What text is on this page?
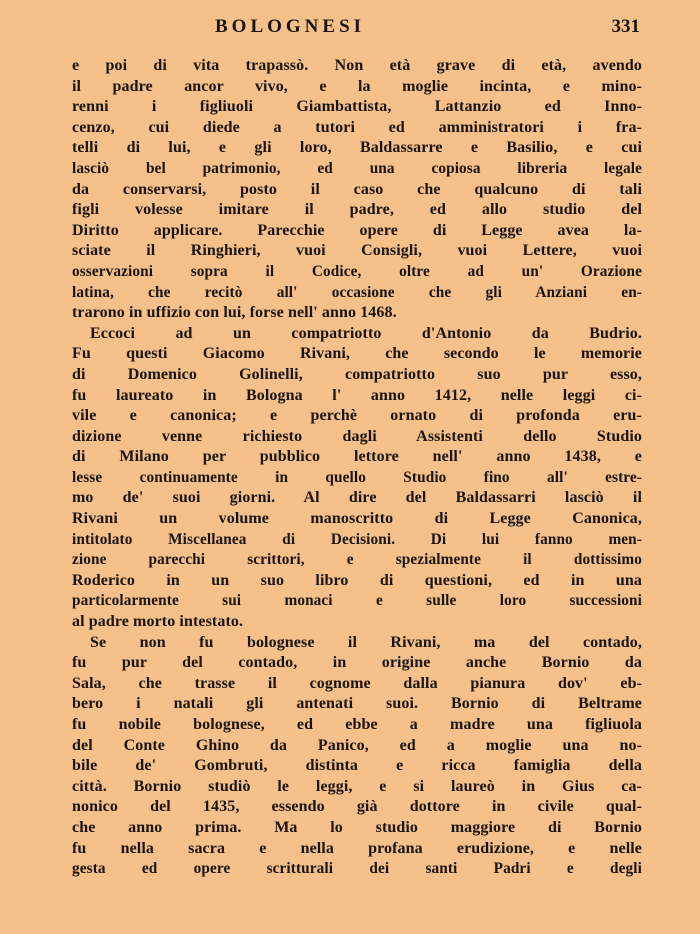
BOLOGNESI	331
e poi di vita trapassò. Non età grave di età, avendo
il padre ancor vivo, e la moglie incinta, e mino-
renni i figliuoli Giambattista, Lattanzio ed Inno-
cenzo, cui diede a tutori ed amministratori i fra-
telli di lui, e gli loro, Baldassarre e Basilio, e cui
lasciò bel patrimonio, ed una copiosa libreria legale
da conservarsi, posto il caso che qualcuno di tali
figli volesse imitare il padre, ed allo studio del
Diritto applicare. Parecchie opere di Legge avea la-
sciate il Ringhieri, vuoi Consigli, vuoi Lettere, vuoi
osservazioni sopra il Codice, oltre ad un' Orazione
latina, che recitò all' occasione che gli Anziani en-
trarono in uffizio con lui, forse nell' anno 1468.
Eccoci ad un compatriotto d'Antonio da Budrio.
Fu questi Giacomo Rivani, che secondo le memorie
di Domenico Golinelli, compatriotto suo pur esso,
fu laureato in Bologna l' anno 1412, nelle leggi ci-
vile e canonica; e perchè ornato di profonda eru-
dizione venne richiesto dagli Assistenti dello Studio
di Milano per pubblico lettore nell' anno 1438, e
lesse continuamente in quello Studio fino all' estre-
mo de' suoi giorni. Al dire del Baldassarri lasciò il
Rivani un volume manoscritto di Legge Canonica,
intitolato Miscellanea di Decisioni. Di lui fanno men-
zione parecchi scrittori, e spezialmente il dottissimo
Roderico in un suo libro di questioni, ed in una
particolarmente sui monaci e sulle loro successioni
al padre morto intestato.
Se non fu bolognese il Rivani, ma del contado,
fu pur del contado, in origine anche Bornio da
Sala, che trasse il cognome dalla pianura dov' eb-
bero i natali gli antenati suoi. Bornio di Beltrame
fu nobile bolognese, ed ebbe a madre una figliuola
del Conte Ghino da Panico, ed a moglie una no-
bile de' Gombruti, distinta e ricca famiglia della
città. Bornio studiò le leggi, e si laureò in Gius ca-
nonico del 1435, essendo già dottore in civile qual-
che anno prima. Ma lo studio maggiore di Bornio
fu nella sacra e nella profana erudizione, e nelle
gesta ed opere scritturali dei santi Padri e degli
